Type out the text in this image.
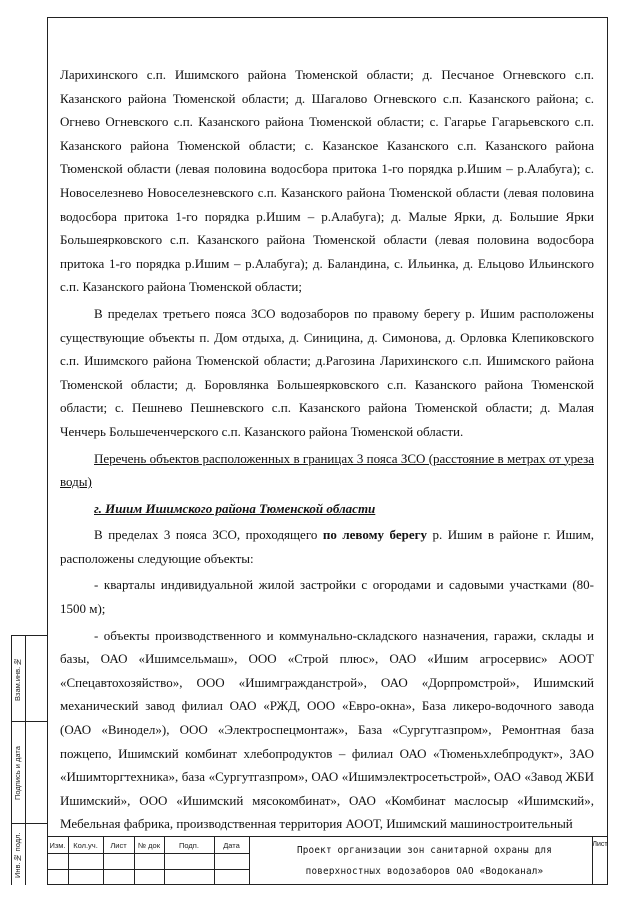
Ларихинского с.п. Ишимского района Тюменской области; д. Песчаное Огневского с.п. Казанского района Тюменской области; д. Шагалово Огневского с.п. Казанского района; с. Огнево Огневского с.п. Казанского района Тюменской области; с. Гагарье Гагарьевского с.п. Казанского района Тюменской области; с. Казанское Казанского с.п. Казанского района Тюменской области (левая половина водосбора притока 1-го порядка р.Ишим – р.Алабуга); с. Новоселезнево Новоселезневского с.п. Казанского района Тюменской области (левая половина водосбора притока 1-го порядка р.Ишим – р.Алабуга); д. Малые Ярки, д. Большие Ярки Большеярковского с.п. Казанского района Тюменской области (левая половина водосбора притока 1-го порядка р.Ишим – р.Алабуга); д. Баландина, с. Ильинка, д. Ельцово Ильинского с.п. Казанского района Тюменской области;

В пределах третьего пояса ЗСО водозаборов по правому берегу р. Ишим расположены существующие объекты п. Дом отдыха, д. Синицина, д. Симонова, д. Орловка Клепиковского с.п. Ишимского района Тюменской области; д.Рагозина Ларихинского с.п. Ишимского района Тюменской области; д. Боровлянка Большеярковского с.п. Казанского района Тюменской области; с. Пешнево Пешневского с.п. Казанского района Тюменской области; д. Малая Ченчерь Большеченчерского с.п. Казанского района Тюменской области.

Перечень объектов расположенных в границах 3 пояса ЗСО (расстояние в метрах от уреза воды)

г. Ишим Ишимского района Тюменской области

В пределах 3 пояса ЗСО, проходящего по левому берегу р. Ишим в районе г. Ишим, расположены следующие объекты:

- кварталы индивидуальной жилой застройки с огородами и садовыми участками (80-1500 м);

- объекты производственного и коммунально-складского назначения, гаражи, склады и базы, ОАО «Ишимсельмаш», ООО «Строй плюс», ОАО «Ишим агросервис» АООТ «Спецавтохозяйство», ООО «Ишимгражданстрой», ОАО «Дорпромстрой», Ишимский механический завод филиал ОАО «РЖД, ООО «Евро-окна», База ликеро-водочного завода (ОАО «Винодел»), ООО «Электроспецмонтаж», База «Сургутгазпром», Ремонтная база пожцепо, Ишимский комбинат хлебопродуктов – филиал ОАО «Тюменьхлебпродукт», ЗАО «Ишимторгтехника», база «Сургутгазпром», ОАО «Ишимэлектросетьстрой», ОАО «Завод ЖБИ Ишимский», ООО «Ишимский мясокомбинат», ОАО «Комбинат маслосыр «Ишимский», Мебельная фабрика, производственная территория АООТ, Ишимский машиностроительный

Взам.инв.№
Подпись и дата
Инв.№ подл.	Изм.	Кол.уч.	Лист	№ док	Подп.	Дата	Проект организации зон санитарной охраны для
поверхностных водозаборов ОАО «Водоканал»
Лист
